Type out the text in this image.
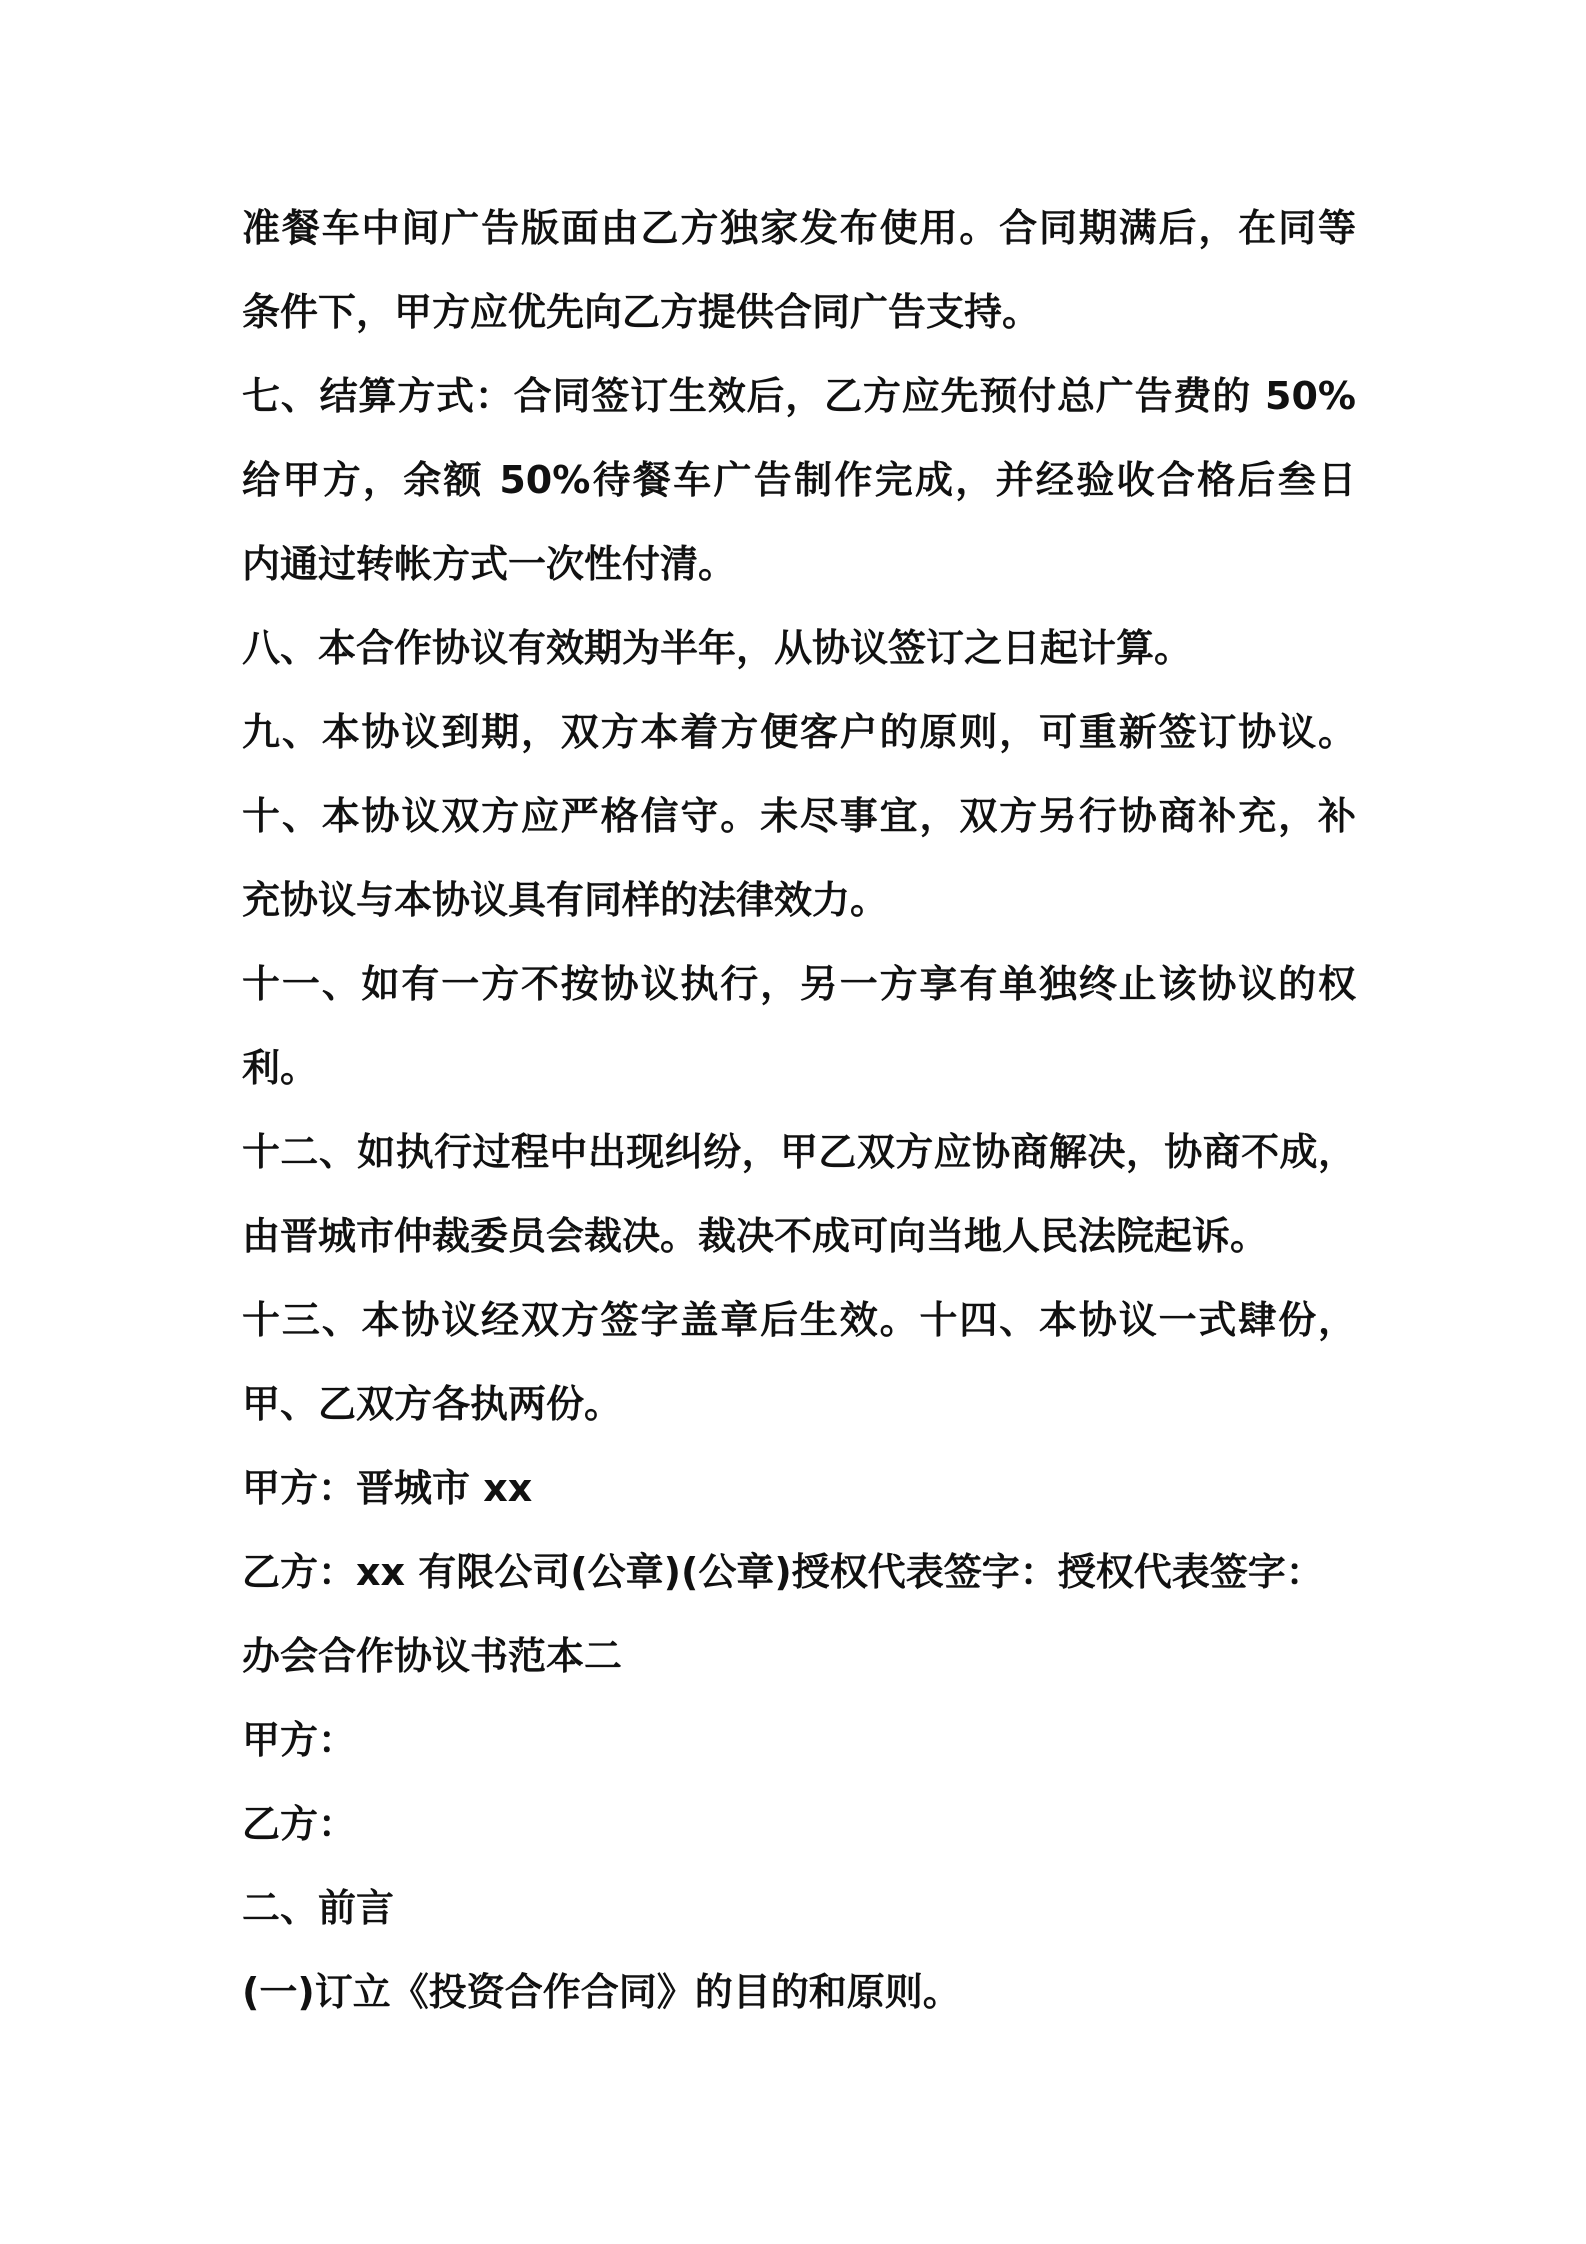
准餐车中间广告版面由乙方独家发布使用。合同期满后，在同等
条件下，甲方应优先向乙方提供合同广告支持。
七、结算方式：合同签订生效后，乙方应先预付总广告费的 50%
给甲方，余额 50%待餐车广告制作完成，并经验收合格后叁日
内通过转帐方式一次性付清。
八、本合作协议有效期为半年，从协议签订之日起计算。
九、本协议到期，双方本着方便客户的原则，可重新签订协议。
十、本协议双方应严格信守。未尽事宜，双方另行协商补充，补
充协议与本协议具有同样的法律效力。
十一、如有一方不按协议执行，另一方享有单独终止该协议的权
利。
十二、如执行过程中出现纠纷，甲乙双方应协商解决，协商不成，
由晋城市仲裁委员会裁决。裁决不成可向当地人民法院起诉。
十三、本协议经双方签字盖章后生效。十四、本协议一式肆份，
甲、乙双方各执两份。
甲方：晋城市 xx
乙方：xx 有限公司(公章)(公章)授权代表签字：授权代表签字：
办会合作协议书范本二
甲方：
乙方：
二、前言
(一)订立《投资合作合同》的目的和原则。
